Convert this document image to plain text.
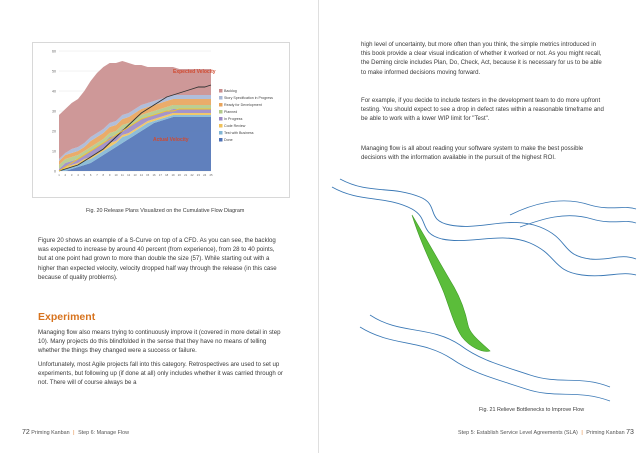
0
10
20
30
40
50
60
Expected Velocity
Actual Velocity
1 2 3 4 5 6 7 8 9 10 11 12 13 14 15 16 17 18 19 20 21 22 23 24 25
Backlog
Story Specification in Progress
Ready for Development
Planned
In Progress
Code Review
Test with Business
Done
Fig. 20 Release Plans Visualized on the Cumulative Flow Diagram
Figure 20 shows an example of a S-Curve on top of a CFD. As you can see, the backlog was expected to increase by around 40 percent (from experience), from 28 to 40 points, but at one point had grown to more than double the size (57). While starting out with a higher than expected velocity, velocity dropped half way through the release (in this case because of quality problems).
Experiment
Managing flow also means trying to continuously improve it (covered in more detail in step 10). Many projects do this blindfolded in the sense that they have no means of telling whether the things they changed were a success or failure.
Unfortunately, most Agile projects fall into this category. Retrospectives are used to set up experiments, but following up (if done at all) only includes whether it was carried through or not. There will of course always be a
72 Priming Kanban | Step 6: Manage Flow
high level of uncertainty, but more often than you think, the simple metrics introduced in this book provide a clear visual indication of whether it worked or not. As you might recall, the Deming circle includes Plan, Do, Check, Act, because it is necessary for us to be able to make informed decisions moving forward.
For example, if you decide to include testers in the development team to do more upfront testing. You should expect to see a drop in defect rates within a reasonable timeframe and be able to work with a lower WIP limit for "Test".
Managing flow is all about reading your software system to make the best possible decisions with the information available in the pursuit of the highest ROI.
Fig. 21 Relieve Bottlenecks to Improve Flow
Step 5: Establish Service Level Agreements (SLA) | Priming Kanban 73
